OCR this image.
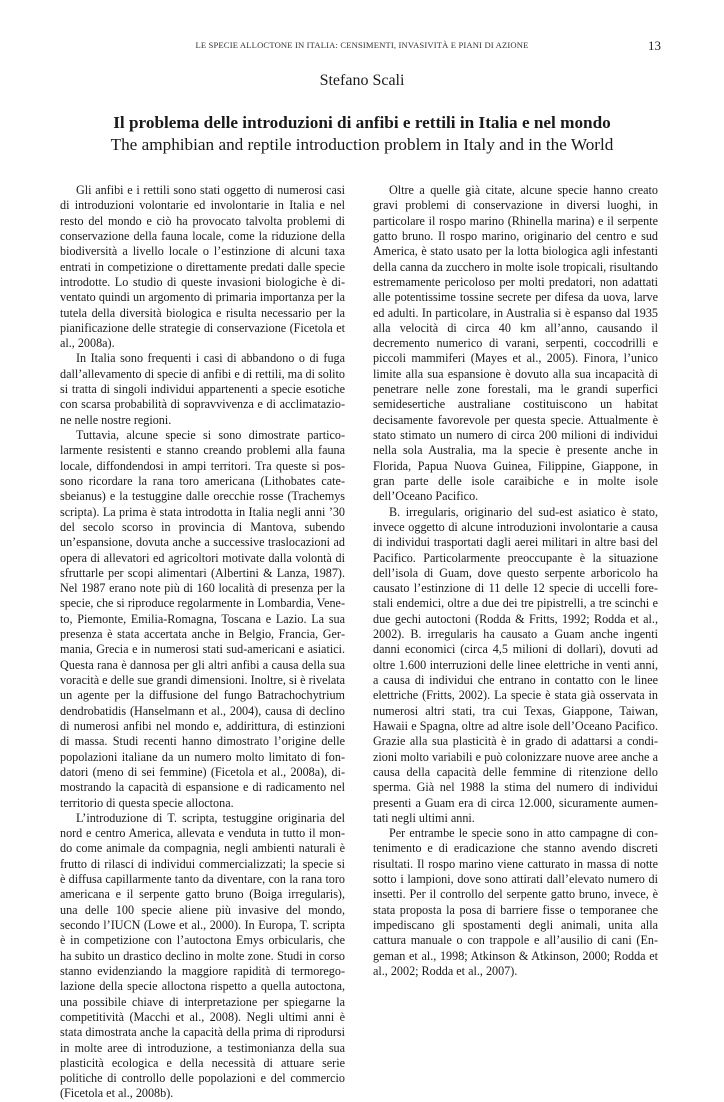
LE SPECIE ALLOCTONE IN ITALIA: CENSIMENTI, INVASIVITÀ E PIANI DI AZIONE	13
Stefano Scali
Il problema delle introduzioni di anfibi e rettili in Italia e nel mondo
The amphibian and reptile introduction problem in Italy and in the World

Gli anfibi e i rettili sono stati oggetto di numerosi casi di introduzioni volontarie ed involontarie in Italia e nel resto del mondo e ciò ha provocato talvolta problemi di conservazione della fauna locale, come la riduzione della biodiversità a livello locale o l’estinzione di alcuni taxa entrati in competizione o direttamente predati dalle specie introdotte. Lo studio di queste invasioni biologiche è diventato quindi un argomento di primaria importanza per la tutela della diversità biologica e risulta necessario per la pianificazione delle strategie di conservazione (Ficetola et al., 2008a).

In Italia sono frequenti i casi di abbandono o di fuga dall’allevamento di specie di anfibi e di rettili, ma di solito si tratta di singoli individui appartenenti a specie esotiche con scarsa probabilità di sopravvivenza e di acclimatazione nelle nostre regioni.

Tuttavia, alcune specie si sono dimostrate particolarmente resistenti e stanno creando problemi alla fauna locale, diffondendosi in ampi territori. Tra queste si possono ricordare la rana toro americana (Lithobates catesbeianus) e la testuggine dalle orecchie rosse (Trachemys scripta). La prima è stata introdotta in Italia negli anni ’30 del secolo scorso in provincia di Mantova, subendo un’espansione, dovuta anche a successive traslocazioni ad opera di allevatori ed agricoltori motivate dalla volontà di sfruttarle per scopi alimentari (Albertini & Lanza, 1987). Nel 1987 erano note più di 160 località di presenza per la specie, che si riproduce regolarmente in Lombardia, Veneto, Piemonte, Emilia-Romagna, Toscana e Lazio. La sua presenza è stata accertata anche in Belgio, Francia, Germania, Grecia e in numerosi stati sud-americani e asiatici. Questa rana è dannosa per gli altri anfibi a causa della sua voracità e delle sue grandi dimensioni. Inoltre, si è rivelata un agente per la diffusione del fungo Batrachochytrium dendrobatidis (Hanselmann et al., 2004), causa di declino di numerosi anfibi nel mondo e, addirittura, di estinzioni di massa. Studi recenti hanno dimostrato l’origine delle popolazioni italiane da un numero molto limitato di fondatori (meno di sei femmine) (Ficetola et al., 2008a), dimostrando la capacità di espansione e di radicamento nel territorio di questa specie alloctona.

L’introduzione di T. scripta, testuggine originaria del nord e centro America, allevata e venduta in tutto il mondo come animale da compagnia, negli ambienti naturali è frutto di rilasci di individui commercializzati; la specie si è diffusa capillarmente tanto da diventare, con la rana toro americana e il serpente gatto bruno (Boiga irregularis), una delle 100 specie aliene più invasive del mondo, secondo l’IUCN (Lowe et al., 2000). In Europa, T. scripta è in competizione con l’autoctona Emys orbicularis, che ha subito un drastico declino in molte zone. Studi in corso stanno evidenziando la maggiore rapidità di termoregolazione della specie alloctona rispetto a quella autoctona, una possibile chiave di interpretazione per spiegarne la competitività (Macchi et al., 2008). Negli ultimi anni è stata dimostrata anche la capacità della prima di riprodursi in molte aree di introduzione, a testimonianza della sua plasticità ecologica e della necessità di attuare serie politiche di controllo delle popolazioni e del commercio (Ficetola et al., 2008b).

Oltre a quelle già citate, alcune specie hanno creato gravi problemi di conservazione in diversi luoghi, in particolare il rospo marino (Rhinella marina) e il serpente gatto bruno. Il rospo marino, originario del centro e sud America, è stato usato per la lotta biologica agli infestanti della canna da zucchero in molte isole tropicali, risultando estremamente pericoloso per molti predatori, non adattati alle potentissime tossine secrete per difesa da uova, larve ed adulti. In particolare, in Australia si è espanso dal 1935 alla velocità di circa 40 km all’anno, causando il decremento numerico di varani, serpenti, coccodrilli e piccoli mammiferi (Mayes et al., 2005). Finora, l’unico limite alla sua espansione è dovuto alla sua incapacità di penetrare nelle zone forestali, ma le grandi superfici semidesertiche australiane costituiscono un habitat decisamente favorevole per questa specie. Attualmente è stato stimato un numero di circa 200 milioni di individui nella sola Australia, ma la specie è presente anche in Florida, Papua Nuova Guinea, Filippine, Giappone, in gran parte delle isole caraibiche e in molte isole dell’Oceano Pacifico.

B. irregularis, originario del sud-est asiatico è stato, invece oggetto di alcune introduzioni involontarie a causa di individui trasportati dagli aerei militari in altre basi del Pacifico. Particolarmente preoccupante è la situazione dell’isola di Guam, dove questo serpente arboricolo ha causato l’estinzione di 11 delle 12 specie di uccelli forestali endemici, oltre a due dei tre pipistrelli, a tre scinchi e due gechi autoctoni (Rodda & Fritts, 1992; Rodda et al., 2002). B. irregularis ha causato a Guam anche ingenti danni economici (circa 4,5 milioni di dollari), dovuti ad oltre 1.600 interruzioni delle linee elettriche in venti anni, a causa di individui che entrano in contatto con le linee elettriche (Fritts, 2002). La specie è stata già osservata in numerosi altri stati, tra cui Texas, Giappone, Taiwan, Hawaii e Spagna, oltre ad altre isole dell’Oceano Pacifico. Grazie alla sua plasticità è in grado di adattarsi a condizioni molto variabili e può colonizzare nuove aree anche a causa della capacità delle femmine di ritenzione dello sperma. Già nel 1988 la stima del numero di individui presenti a Guam era di circa 12.000, sicuramente aumentati negli ultimi anni.

Per entrambe le specie sono in atto campagne di contenimento e di eradicazione che stanno avendo discreti risultati. Il rospo marino viene catturato in massa di notte sotto i lampioni, dove sono attirati dall’elevato numero di insetti. Per il controllo del serpente gatto bruno, invece, è stata proposta la posa di barriere fisse o temporanee che impediscano gli spostamenti degli animali, unita alla cattura manuale o con trappole e all’ausilio di cani (Engeman et al., 1998; Atkinson & Atkinson, 2000; Rodda et al., 2002; Rodda et al., 2007).
